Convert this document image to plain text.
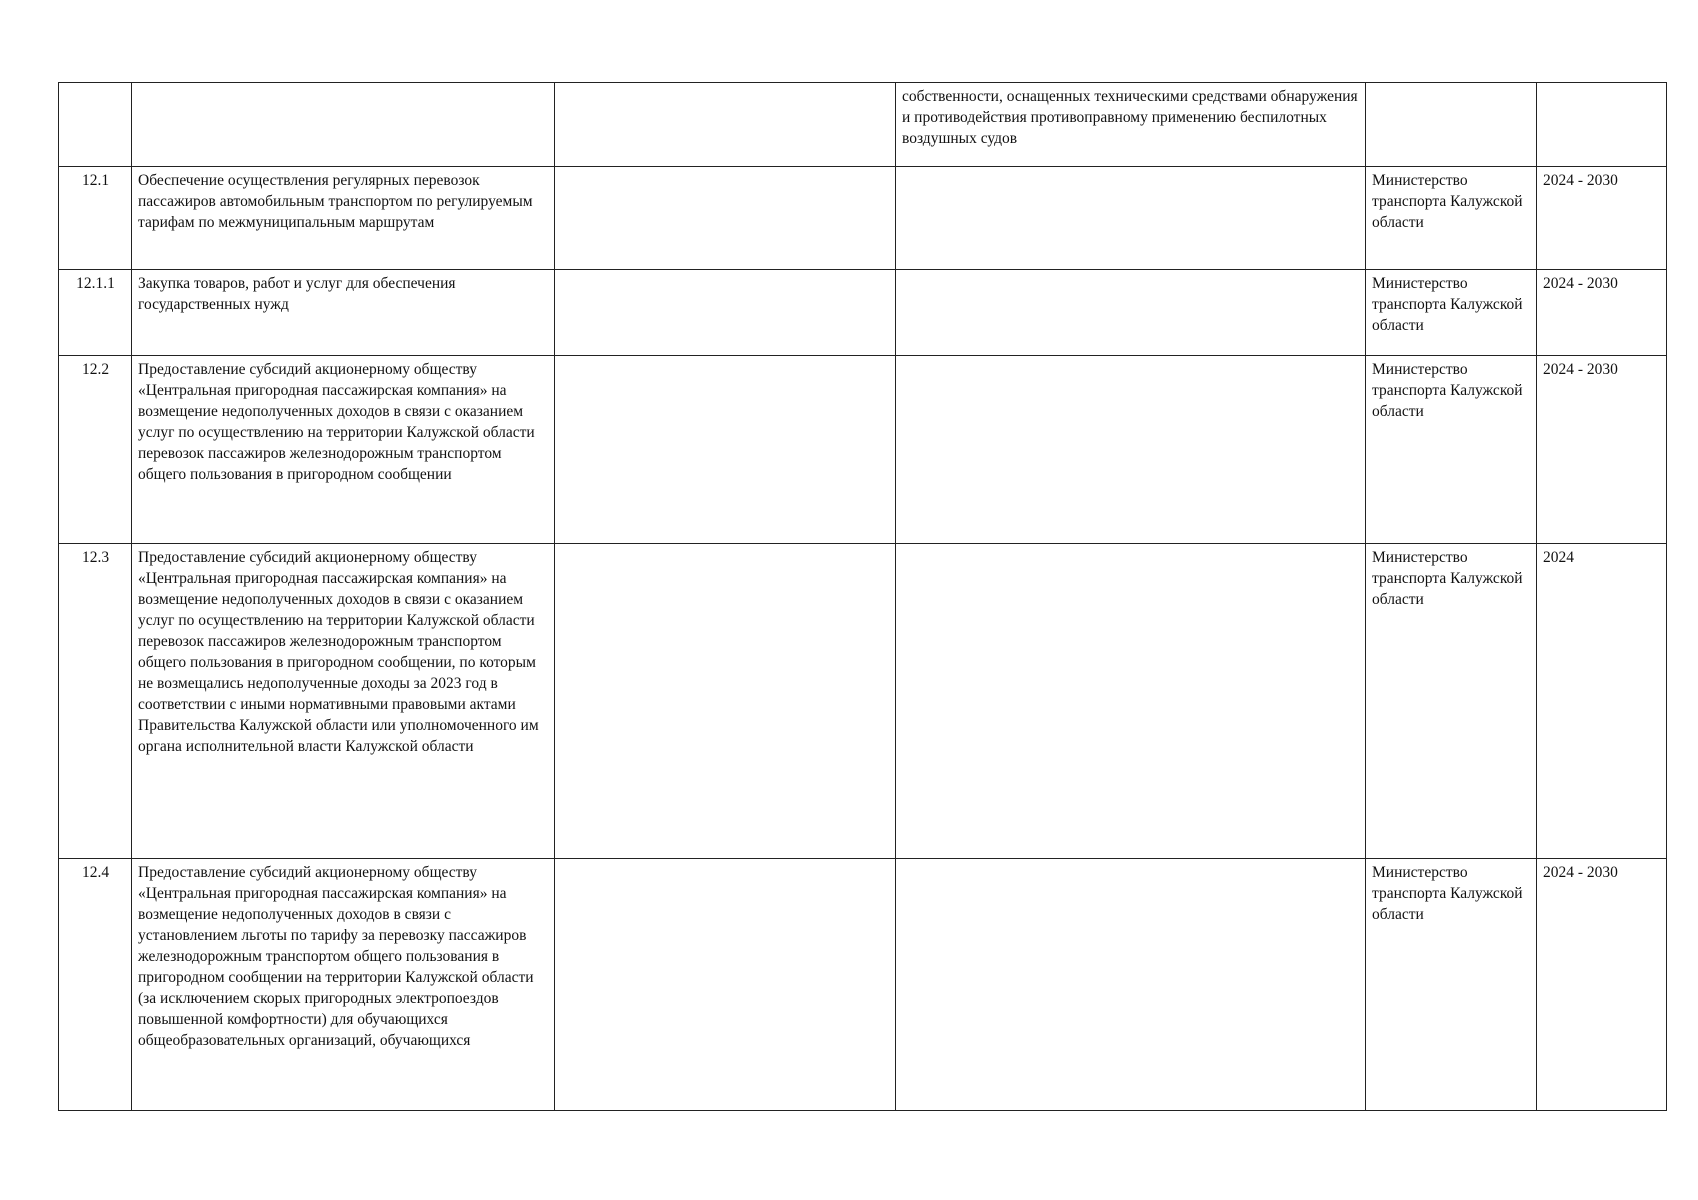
			собственности, оснащенных техническими средствами обнаружения и противодействия противоправному применению беспилотных воздушных судов		
12.1	Обеспечение осуществления регулярных перевозок пассажиров автомобильным транспортом по регулируемым тарифам по межмуниципальным маршрутам			Министерство транспорта Калужской области	2024 - 2030
12.1.1	Закупка товаров, работ и услуг для обеспечения государственных нужд			Министерство транспорта Калужской области	2024 - 2030
12.2	Предоставление субсидий акционерному обществу «Центральная пригородная пассажирская компания» на возмещение недополученных доходов в связи с оказанием услуг по осуществлению на территории Калужской области перевозок пассажиров железнодорожным транспортом общего пользования в пригородном сообщении			Министерство транспорта Калужской области	2024 - 2030
12.3	Предоставление субсидий акционерному обществу «Центральная пригородная пассажирская компания» на возмещение недополученных доходов в связи с оказанием услуг по осуществлению на территории Калужской области перевозок пассажиров железнодорожным транспортом общего пользования в пригородном сообщении, по которым не возмещались недополученные доходы за 2023 год в соответствии с иными нормативными правовыми актами Правительства Калужской области или уполномоченного им органа исполнительной власти Калужской области			Министерство транспорта Калужской области	2024
12.4	Предоставление субсидий акционерному обществу «Центральная пригородная пассажирская компания» на возмещение недополученных доходов в связи с установлением льготы по тарифу за перевозку пассажиров железнодорожным транспортом общего пользования в пригородном сообщении на территории Калужской области (за исключением скорых пригородных электропоездов повышенной комфортности) для обучающихся общеобразовательных организаций, обучающихся			Министерство транспорта Калужской области	2024 - 2030
